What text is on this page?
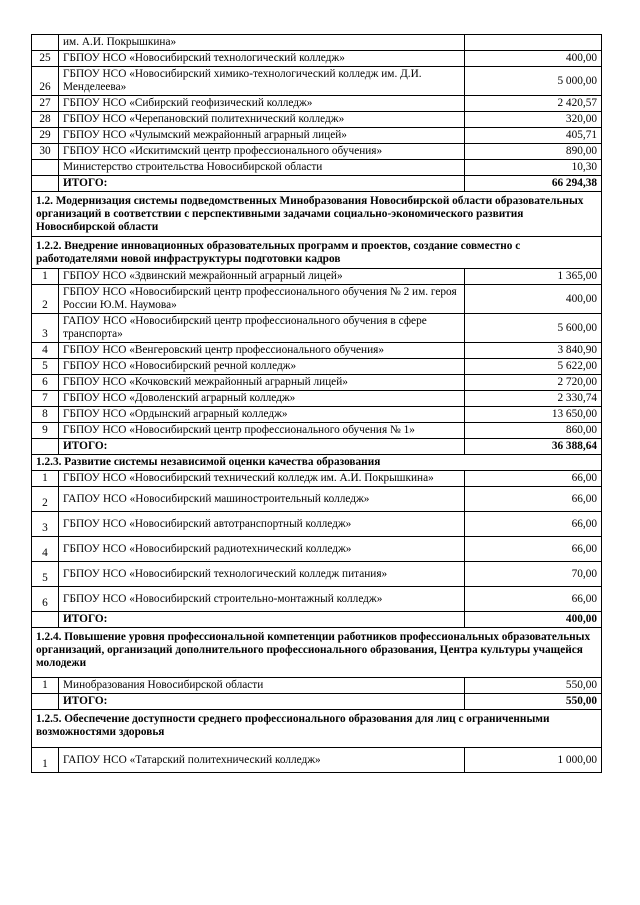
	им. А.И. Покрышкина»	
25	ГБПОУ НСО «Новосибирский технологический колледж»	400,00
26	ГБПОУ НСО «Новосибирский химико-технологический колледж им. Д.И. Менделеева»	5 000,00
27	ГБПОУ НСО «Сибирский геофизический колледж»	2 420,57
28	ГБПОУ НСО «Черепановский политехнический колледж»	320,00
29	ГБПОУ НСО «Чулымский межрайонный аграрный лицей»	405,71
30	ГБПОУ НСО «Искитимский центр профессионального обучения»	890,00
	Министерство строительства Новосибирской области	10,30
	ИТОГО:	66 294,38
1.2. Модернизация системы подведомственных Минобразования Новосибирской области образовательных организаций в соответствии с перспективными задачами социально-экономического развития Новосибирской области		
1.2.2. Внедрение инновационных образовательных программ и проектов, создание совместно с работодателями новой инфраструктуры подготовки кадров		
1	ГБПОУ НСО «Здвинский межрайонный аграрный лицей»	1 365,00
2	ГБПОУ НСО «Новосибирский центр профессионального обучения № 2 им. героя России Ю.М. Наумова»	400,00
3	ГАПОУ НСО «Новосибирский центр профессионального обучения в сфере транспорта»	5 600,00
4	ГБПОУ НСО «Венгеровский центр профессионального обучения»	3 840,90
5	ГБПОУ НСО «Новосибирский речной колледж»	5 622,00
6	ГБПОУ НСО «Кочковский межрайонный аграрный лицей»	2 720,00
7	ГБПОУ НСО «Доволенский аграрный колледж»	2 330,74
8	ГБПОУ НСО «Ордынский аграрный колледж»	13 650,00
9	ГБПОУ НСО «Новосибирский центр профессионального обучения № 1»	860,00
	ИТОГО:	36 388,64
1.2.3. Развитие системы независимой оценки качества образования		
1	ГБПОУ НСО «Новосибирский технический колледж им. А.И. Покрышкина»	66,00
2	ГАПОУ НСО «Новосибирский машиностроительный колледж»	66,00
3	ГБПОУ НСО «Новосибирский автотранспортный колледж»	66,00
4	ГБПОУ НСО «Новосибирский радиотехнический колледж»	66,00
5	ГБПОУ НСО «Новосибирский технологический колледж питания»	70,00
6	ГБПОУ НСО «Новосибирский строительно-монтажный колледж»	66,00
	ИТОГО:	400,00
1.2.4. Повышение уровня профессиональной компетенции работников профессиональных образовательных организаций, организаций дополнительного профессионального образования, Центра культуры учащейся молодежи		
1	Минобразования Новосибирской области	550,00
	ИТОГО:	550,00
1.2.5. Обеспечение доступности среднего профессионального образования для лиц с ограниченными возможностями здоровья		
1	ГАПОУ НСО «Татарский политехнический колледж»	1 000,00
